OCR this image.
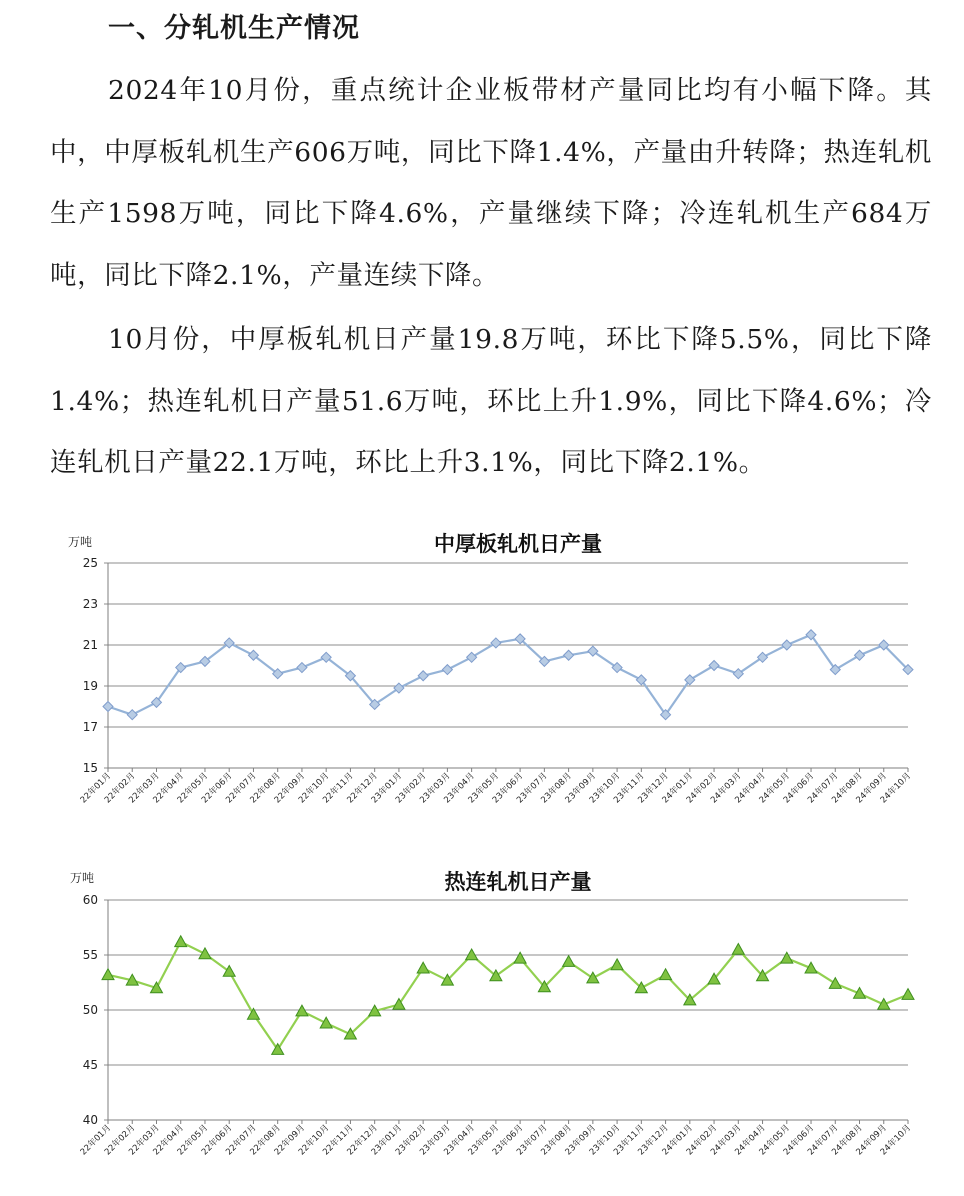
一、分轧机生产情况

2024年10月份，重点统计企业板带材产量同比均有小幅下降。其中，中厚板轧机生产606万吨，同比下降1.4%，产量由升转降；热连轧机生产1598万吨，同比下降4.6%，产量继续下降；冷连轧机生产684万吨，同比下降2.1%，产量连续下降。

10月份，中厚板轧机日产量19.8万吨，环比下降5.5%，同比下降1.4%；热连轧机日产量51.6万吨，环比上升1.9%，同比下降4.6%；冷连轧机日产量22.1万吨，环比上升3.1%，同比下降2.1%。

中厚板轧机日产量
万吨
15
17
19
21
23
25
22年01月
22年02月
22年03月
22年04月
22年05月
22年06月
22年07月
22年08月
22年09月
22年10月
22年11月
22年12月
23年01月
23年02月
23年03月
23年04月
23年05月
23年06月
23年07月
23年08月
23年09月
23年10月
23年11月
23年12月
24年01月
24年02月
24年03月
24年04月
24年05月
24年06月
24年07月
24年08月
24年09月
24年10月
热连轧机日产量
万吨
40
45
50
55
60
22年01月
22年02月
22年03月
22年04月
22年05月
22年06月
22年07月
22年08月
22年09月
22年10月
22年11月
22年12月
23年01月
23年02月
23年03月
23年04月
23年05月
23年06月
23年07月
23年08月
23年09月
23年10月
23年11月
23年12月
24年01月
24年02月
24年03月
24年04月
24年05月
24年06月
24年07月
24年08月
24年09月
24年10月
